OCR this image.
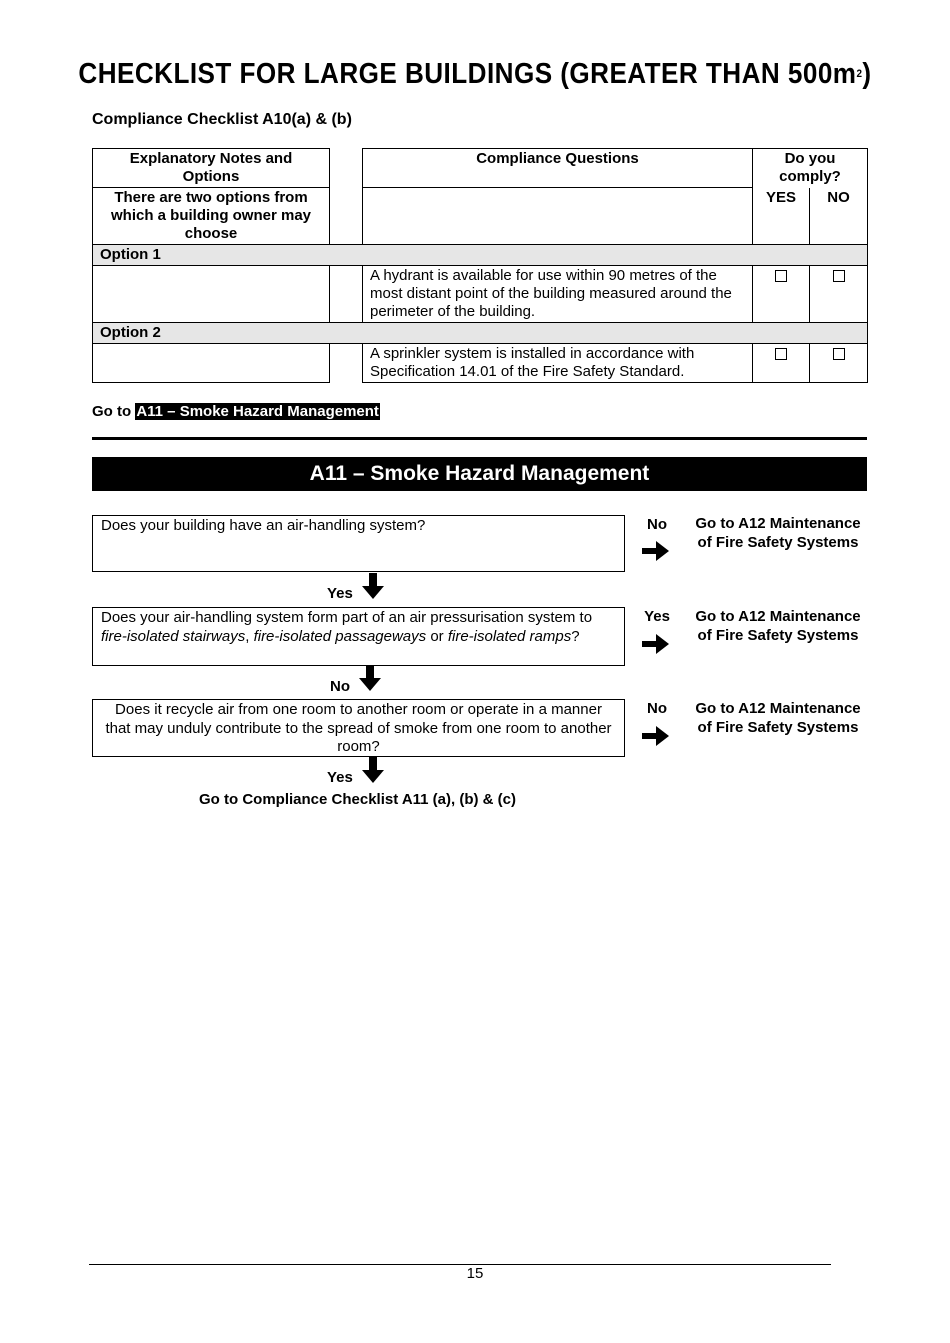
CHECKLIST FOR LARGE BUILDINGS (GREATER THAN $500m^2$)
Compliance Checklist A10(a) & (b)
Explanatory Notes and Options		Compliance Questions	Do you comply?	
There are two options from which a building owner may choose			YES	NO
Option 1				
		A hydrant is available for use within 90 metres of the most distant point of the building measured around the perimeter of the building.		
Option 2				
		A sprinkler system is installed in accordance with Specification 14.01 of the Fire Safety Standard.		
Go to A11 – Smoke Hazard Management
A11 – Smoke Hazard Management
Does your building have an air-handling system?	No	Go to A12 Maintenance of Fire Safety Systems
Yes
Does your air-handling system form part of an air pressurisation system to fire-isolated stairways, fire-isolated passageways or fire-isolated ramps?
Yes	Go to A12 Maintenance of Fire Safety Systems
No
Does it recycle air from one room to another room or operate in a manner that may unduly contribute to the spread of smoke from one room to another room?
No	Go to A12 Maintenance of Fire Safety Systems
Yes
Go to Compliance Checklist A11 (a), (b) & (c)
15
